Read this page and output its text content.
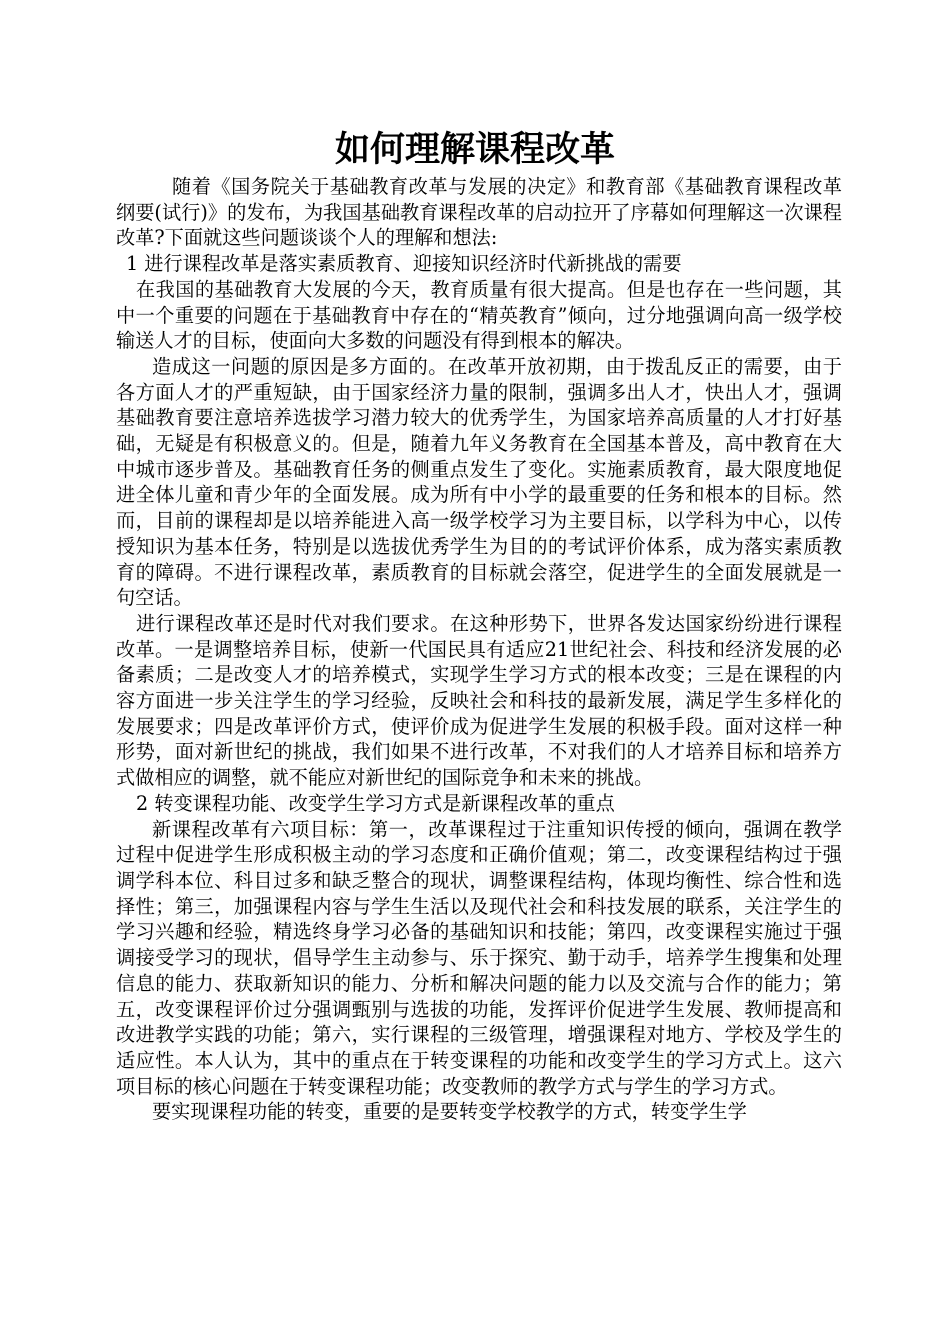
如何理解课程改革

随着《国务院关于基础教育改革与发展的决定》和教育部《基础教育课程改革纲要(试行)》的发布，为我国基础教育课程改革的启动拉开了序幕如何理解这一次课程改革?下面就这些问题谈谈个人的理解和想法:

1 进行课程改革是落实素质教育、迎接知识经济时代新挑战的需要

在我国的基础教育大发展的今天，教育质量有很大提高。但是也存在一些问题，其中一个重要的问题在于基础教育中存在的“精英教育”倾向，过分地强调向高一级学校输送人才的目标，使面向大多数的问题没有得到根本的解决。

造成这一问题的原因是多方面的。在改革开放初期，由于拨乱反正的需要，由于各方面人才的严重短缺，由于国家经济力量的限制，强调多出人才，快出人才，强调基础教育要注意培养选拔学习潜力较大的优秀学生，为国家培养高质量的人才打好基础，无疑是有积极意义的。但是，随着九年义务教育在全国基本普及，高中教育在大中城市逐步普及。基础教育任务的侧重点发生了变化。实施素质教育，最大限度地促进全体儿童和青少年的全面发展。成为所有中小学的最重要的任务和根本的目标。然而，目前的课程却是以培养能进入高一级学校学习为主要目标，以学科为中心，以传授知识为基本任务，特别是以选拔优秀学生为目的的考试评价体系，成为落实素质教育的障碍。不进行课程改革，素质教育的目标就会落空，促进学生的全面发展就是一句空话。

进行课程改革还是时代对我们要求。在这种形势下，世界各发达国家纷纷进行课程改革。一是调整培养目标，使新一代国民具有适应21世纪社会、科技和经济发展的必备素质；二是改变人才的培养模式，实现学生学习方式的根本改变；三是在课程的内容方面进一步关注学生的学习经验，反映社会和科技的最新发展，满足学生多样化的发展要求；四是改革评价方式，使评价成为促进学生发展的积极手段。面对这样一种形势，面对新世纪的挑战，我们如果不进行改革，不对我们的人才培养目标和培养方式做相应的调整，就不能应对新世纪的国际竞争和未来的挑战。

2 转变课程功能、改变学生学习方式是新课程改革的重点

新课程改革有六项目标：第一，改革课程过于注重知识传授的倾向，强调在教学过程中促进学生形成积极主动的学习态度和正确价值观；第二，改变课程结构过于强调学科本位、科目过多和缺乏整合的现状，调整课程结构，体现均衡性、综合性和选择性；第三，加强课程内容与学生生活以及现代社会和科技发展的联系，关注学生的学习兴趣和经验，精选终身学习必备的基础知识和技能；第四，改变课程实施过于强调接受学习的现状，倡导学生主动参与、乐于探究、勤于动手，培养学生搜集和处理信息的能力、获取新知识的能力、分析和解决问题的能力以及交流与合作的能力；第五，改变课程评价过分强调甄别与选拔的功能，发挥评价促进学生发展、教师提高和改进教学实践的功能；第六，实行课程的三级管理，增强课程对地方、学校及学生的适应性。本人认为，其中的重点在于转变课程的功能和改变学生的学习方式上。这六项目标的核心问题在于转变课程功能；改变教师的教学方式与学生的学习方式。

要实现课程功能的转变，重要的是要转变学校教学的方式，转变学生学
